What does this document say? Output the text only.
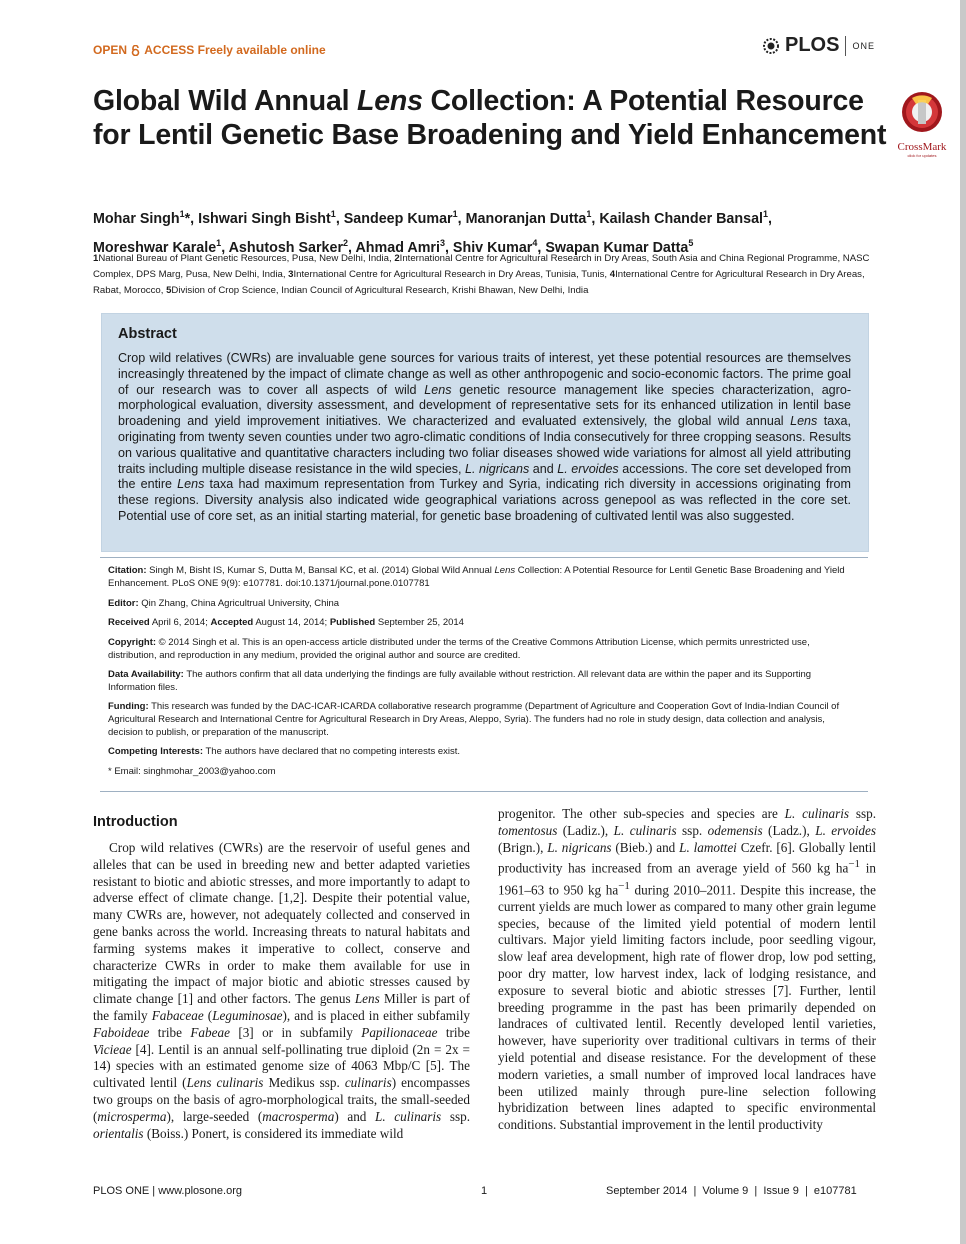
OPEN ACCESS Freely available online	PLOS ONE
Global Wild Annual Lens Collection: A Potential Resource for Lentil Genetic Base Broadening and Yield Enhancement	CrossMark
click for updates
Mohar Singh$^1$*, Ishwari Singh Bisht$^1$, Sandeep Kumar$^1$, Manoranjan Dutta$^1$, Kailash Chander Bansal$^1$,
Moreshwar Karale$^1$, Ashutosh Sarker$^2$, Ahmad Amri$^3$, Shiv Kumar$^4$, Swapan Kumar Datta$^5$
1National Bureau of Plant Genetic Resources, Pusa, New Delhi, India, 2International Centre for Agricultural Research in Dry Areas, South Asia and China Regional Programme, NASC Complex, DPS Marg, Pusa, New Delhi, India, 3International Centre for Agricultural Research in Dry Areas, Tunisia, Tunis, 4International Centre for Agricultural Research in Dry Areas, Rabat, Morocco, 5Division of Crop Science, Indian Council of Agricultural Research, Krishi Bhawan, New Delhi, India
Abstract

Crop wild relatives (CWRs) are invaluable gene sources for various traits of interest, yet these potential resources are themselves increasingly threatened by the impact of climate change as well as other anthropogenic and socio-economic factors. The prime goal of our research was to cover all aspects of wild Lens genetic resource management like species characterization, agro-morphological evaluation, diversity assessment, and development of representative sets for its enhanced utilization in lentil base broadening and yield improvement initiatives. We characterized and evaluated extensively, the global wild annual Lens taxa, originating from twenty seven counties under two agro-climatic conditions of India consecutively for three cropping seasons. Results on various qualitative and quantitative characters including two foliar diseases showed wide variations for almost all yield attributing traits including multiple disease resistance in the wild species, L. nigricans and L. ervoides accessions. The core set developed from the entire Lens taxa had maximum representation from Turkey and Syria, indicating rich diversity in accessions originating from these regions. Diversity analysis also indicated wide geographical variations across genepool as was reflected in the core set. Potential use of core set, as an initial starting material, for genetic base broadening of cultivated lentil was also suggested.

Citation: Singh M, Bisht IS, Kumar S, Dutta M, Bansal KC, et al. (2014) Global Wild Annual Lens Collection: A Potential Resource for Lentil Genetic Base Broadening and Yield Enhancement. PLoS ONE 9(9): e107781. doi:10.1371/journal.pone.0107781

Editor: Qin Zhang, China Agricultrual University, China

Received April 6, 2014; Accepted August 14, 2014; Published September 25, 2014

Copyright: © 2014 Singh et al. This is an open-access article distributed under the terms of the Creative Commons Attribution License, which permits unrestricted use, distribution, and reproduction in any medium, provided the original author and source are credited.

Data Availability: The authors confirm that all data underlying the findings are fully available without restriction. All relevant data are within the paper and its Supporting Information files.

Funding: This research was funded by the DAC-ICAR-ICARDA collaborative research programme (Department of Agriculture and Cooperation Govt of India-Indian Council of Agricultural Research and International Centre for Agricultural Research in Dry Areas, Aleppo, Syria). The funders had no role in study design, data collection and analysis, decision to publish, or preparation of the manuscript.

Competing Interests: The authors have declared that no competing interests exist.

* Email: singhmohar_2003@yahoo.com

Introduction

Crop wild relatives (CWRs) are the reservoir of useful genes and alleles that can be used in breeding new and better adapted varieties resistant to biotic and abiotic stresses, and more importantly to adapt to adverse effect of climate change. [1,2]. Despite their potential value, many CWRs are, however, not adequately collected and conserved in gene banks across the world. Increasing threats to natural habitats and farming systems makes it imperative to collect, conserve and characterize CWRs in order to make them available for use in mitigating the impact of major biotic and abiotic stresses caused by climate change [1] and other factors. The genus Lens Miller is part of the family Fabaceae (Leguminosae), and is placed in either subfamily Faboideae tribe Fabeae [3] or in subfamily Papilionaceae tribe Vicieae [4]. Lentil is an annual self-pollinating true diploid (2n = 2x = 14) species with an estimated genome size of 4063 Mbp/C [5]. The cultivated lentil (Lens culinaris Medikus ssp. culinaris) encompasses two groups on the basis of agro-morphological traits, the small-seeded (microsperma), large-seeded (macrosperma) and L. culinaris ssp. orientalis (Boiss.) Ponert, is considered its immediate wild

progenitor. The other sub-species and species are L. culinaris ssp. tomentosus (Ladiz.), L. culinaris ssp. odemensis (Ladz.), L. ervoides (Brign.), L. nigricans (Bieb.) and L. lamottei Czefr. [6]. Globally lentil productivity has increased from an average yield of 560 kg $ha^{-1}$ in 1961–63 to 950 kg $ha^{-1}$ during 2010–2011. Despite this increase, the current yields are much lower as compared to many other grain legume species, because of the limited yield potential of modern lentil cultivars. Major yield limiting factors include, poor seedling vigour, slow leaf area development, high rate of flower drop, low pod setting, poor dry matter, low harvest index, lack of lodging resistance, and exposure to several biotic and abiotic stresses [7]. Further, lentil breeding programme in the past has been primarily depended on landraces of cultivated lentil. Recently developed lentil varieties, however, have superiority over traditional cultivars in terms of their yield potential and disease resistance. For the development of these modern varieties, a small number of improved local landraces have been utilized mainly through pure-line selection following hybridization between lines adapted to specific environmental conditions. Substantial improvement in the lentil productivity

PLOS ONE | www.plosone.org	1	September 2014  |  Volume 9  |  Issue 9  |  e107781
